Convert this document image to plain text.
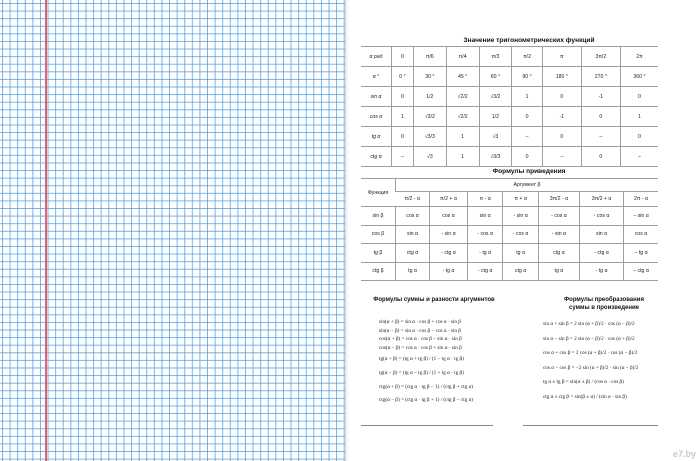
Значение тригонометрических функций
α рад	0	π/6	π/4	π/3	π/2	π	3π/2	2π
α °	0 °	30 °	45 °	60 °	90 °	180 °	270 °	360 °
sin α	0	1/2	√2/2	√3/2	1	0	-1	0
cos α	1	√3/2	√2/2	1/2	0	-1	0	1
tg α	0	√3/3	1	√3	–	0	–	0
ctg α	–	√3	1	√3/3	0	–	0	–
Формулы приведения
Функция	Аргумент β						
	π/2 - α	π/2 + α	π - α	π + α	3π/2 - α	3π/2 + α	2π - α
sin β	cos α	cos α	sin α	- sin α	- cos α	- cos α	– sin α
cos β	sin α	- sin α	- cos α	- cos α	- sin α	sin α	cos α
tg β	ctg α	- ctg α	- tg α	tg α	ctg α	- ctg α	– tg α
ctg β	tg α	- tg α	- ctg α	ctg α	tg α	- tg α	– ctg α
Формулы суммы и разности аргументов
sin(α + β) = sin α · cos β + cos α · sin β
sin(α − β) = sin α · cos β − cos α · sin β
cos(α + β) = cos α · cos β − sin α · sin β
cos(α − β) = cos α · cos β + sin α · sin β
tg(α + β) = (tg α + tg β) / (1 − tg α · tg β)
tg(α − β) = (tg α − tg β) / (1 + tg α · tg β)
ctg(α + β) = (ctg α · tg β − 1) / (ctg β + ctg α)
ctg(α − β) = (ctg α · tg β + 1) / (ctg β − ctg α)
Формулы преобразования
суммы в произведение
sin α + sin β = 2 sin (α + β)/2 · cos (α − β)/2
sin α − sin β = 2 sin (α − β)/2 · cos (α + β)/2
cos α + cos β = 2 cos (α + β)/2 · cos (α − β)/2
cos α − cos β = −2 sin (α + β)/2 · sin (α − β)/2
tg α ± tg β = sin(α ± β) / (cos α · cos β)
ctg α ± ctg β = sin(β ± α) / (sin α · sin β)
e7.by
